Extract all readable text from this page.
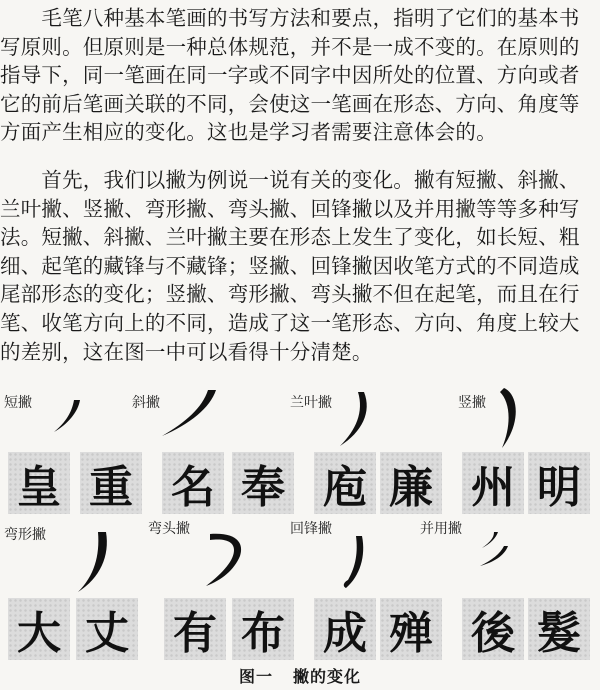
　　毛笔八种基本笔画的书写方法和要点，指明了它们的基本书
写原则。但原则是一种总体规范，并不是一成不变的。在原则的
指导下，同一笔画在同一字或不同字中因所处的位置、方向或者
它的前后笔画关联的不同，会使这一笔画在形态、方向、角度等
方面产生相应的变化。这也是学习者需要注意体会的。
　　首先，我们以撇为例说一说有关的变化。撇有短撇、斜撇、
兰叶撇、竖撇、弯形撇、弯头撇、回锋撇以及并用撇等等多种写
法。短撇、斜撇、兰叶撇主要在形态上发生了变化，如长短、粗
细、起笔的藏锋与不藏锋；竖撇、回锋撇因收笔方式的不同造成
尾部形态的变化；竖撇、弯形撇、弯头撇不但在起笔，而且在行
笔、收笔方向上的不同，造成了这一笔形态、方向、角度上较大
的差别，这在图一中可以看得十分清楚。
短撇	斜撇	兰叶撇	竖撇
皇 重 名 奉 庖 廉 州 明
弯形撇	弯头撇	回锋撇	并用撇
大 丈 有 布 成 殚 後 髮
图一 撇的变化
